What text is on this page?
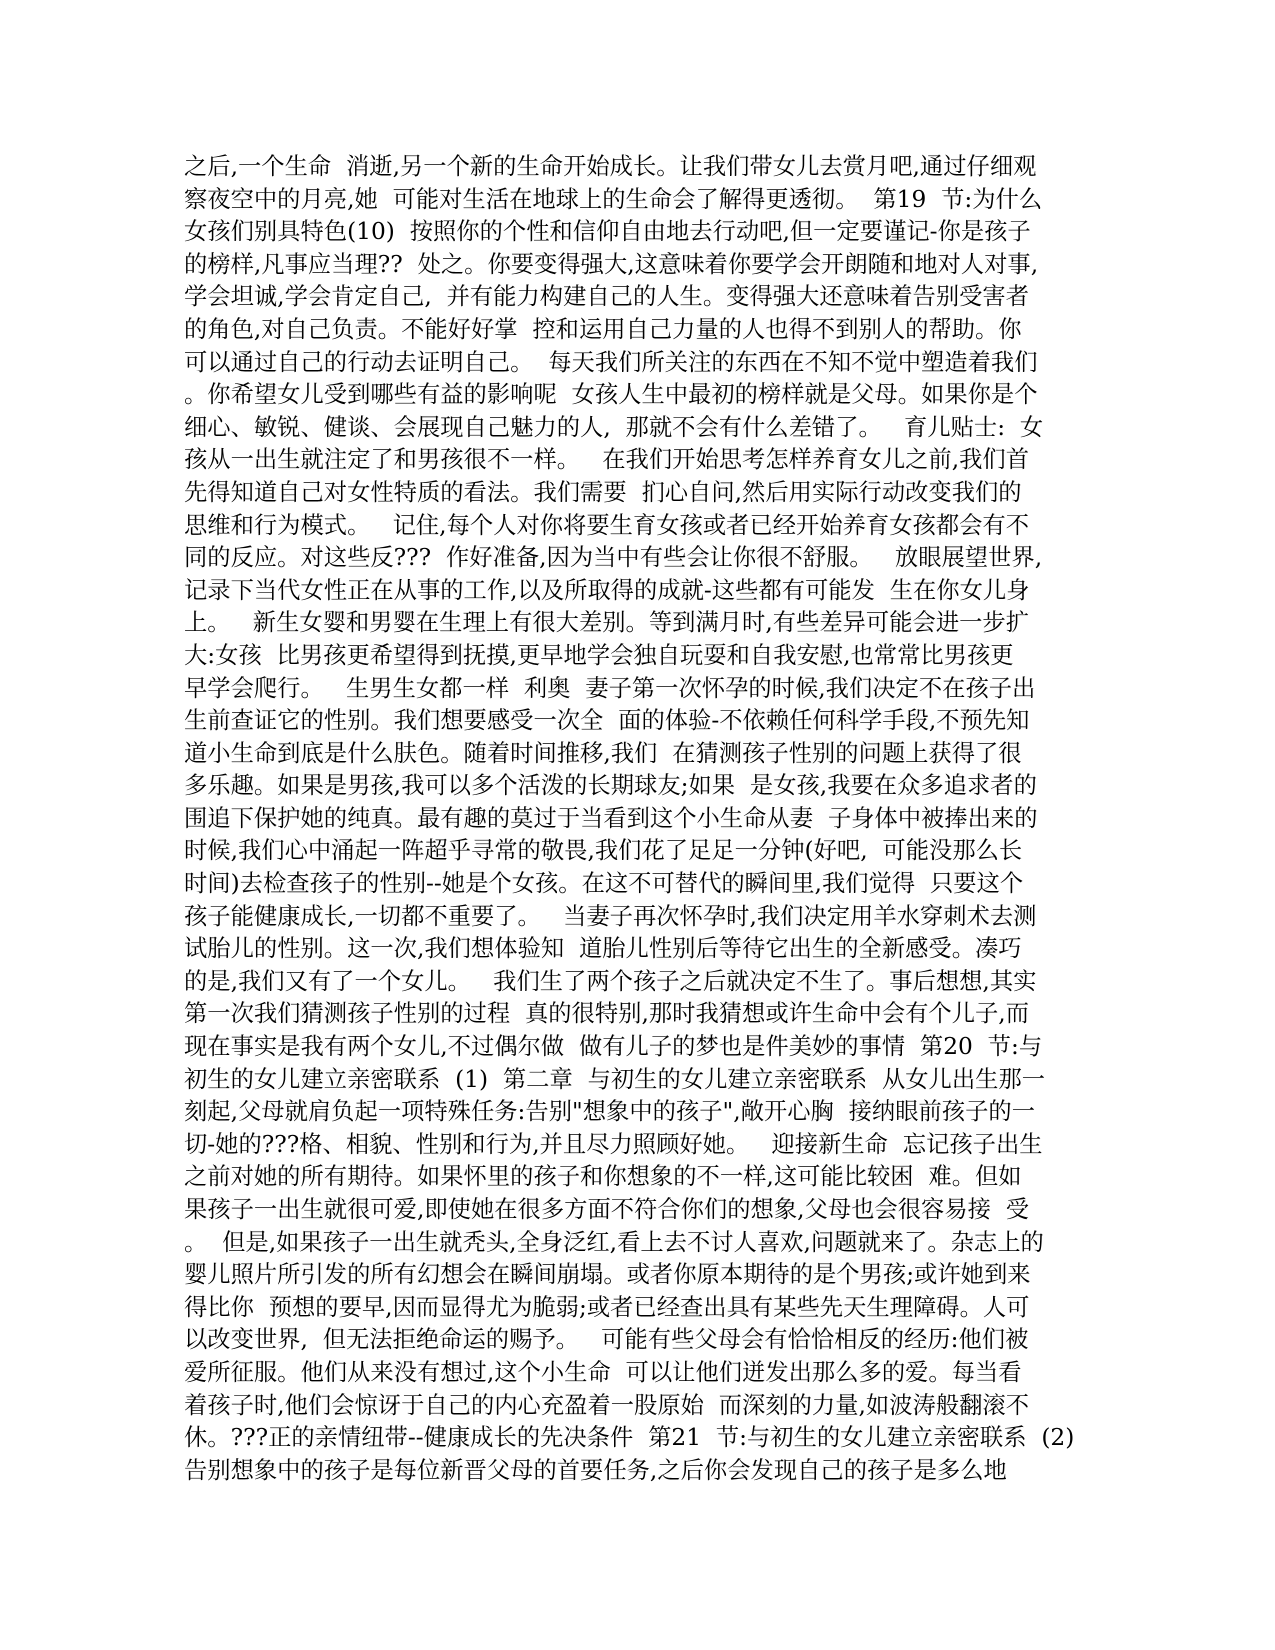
之后,一个生命  消逝,另一个新的生命开始成长。让我们带女儿去赏月吧,通过仔细观
察夜空中的月亮,她  可能对生活在地球上的生命会了解得更透彻。  第19  节:为什么
女孩们别具特色(10)  按照你的个性和信仰自由地去行动吧,但一定要谨记-你是孩子
的榜样,凡事应当理??  处之。你要变得强大,这意味着你要学会开朗随和地对人对事,
学会坦诚,学会肯定自己,  并有能力构建自己的人生。变得强大还意味着告别受害者
的角色,对自己负责。不能好好掌  控和运用自己力量的人也得不到别人的帮助。你
可以通过自己的行动去证明自己。  每天我们所关注的东西在不知不觉中塑造着我们
。你希望女儿受到哪些有益的影响呢  女孩人生中最初的榜样就是父母。如果你是个
细心、敏锐、健谈、会展现自己魅力的人,  那就不会有什么差错了。   育儿贴士:  女
孩从一出生就注定了和男孩很不一样。   在我们开始思考怎样养育女儿之前,我们首
先得知道自己对女性特质的看法。我们需要  扪心自问,然后用实际行动改变我们的
思维和行为模式。   记住,每个人对你将要生育女孩或者已经开始养育女孩都会有不
同的反应。对这些反???  作好准备,因为当中有些会让你很不舒服。   放眼展望世界,
记录下当代女性正在从事的工作,以及所取得的成就-这些都有可能发  生在你女儿身
上。   新生女婴和男婴在生理上有很大差别。等到满月时,有些差异可能会进一步扩
大:女孩  比男孩更希望得到抚摸,更早地学会独自玩耍和自我安慰,也常常比男孩更
早学会爬行。   生男生女都一样  利奥  妻子第一次怀孕的时候,我们决定不在孩子出
生前查证它的性别。我们想要感受一次全  面的体验-不依赖任何科学手段,不预先知
道小生命到底是什么肤色。随着时间推移,我们  在猜测孩子性别的问题上获得了很
多乐趣。如果是男孩,我可以多个活泼的长期球友;如果  是女孩,我要在众多追求者的
围追下保护她的纯真。最有趣的莫过于当看到这个小生命从妻  子身体中被捧出来的
时候,我们心中涌起一阵超乎寻常的敬畏,我们花了足足一分钟(好吧,  可能没那么长
时间)去检查孩子的性别--她是个女孩。在这不可替代的瞬间里,我们觉得  只要这个
孩子能健康成长,一切都不重要了。   当妻子再次怀孕时,我们决定用羊水穿刺术去测
试胎儿的性别。这一次,我们想体验知  道胎儿性别后等待它出生的全新感受。凑巧
的是,我们又有了一个女儿。   我们生了两个孩子之后就决定不生了。事后想想,其实
第一次我们猜测孩子性别的过程  真的很特别,那时我猜想或许生命中会有个儿子,而
现在事实是我有两个女儿,不过偶尔做  做有儿子的梦也是件美妙的事情  第20  节:与
初生的女儿建立亲密联系  (1)  第二章  与初生的女儿建立亲密联系  从女儿出生那一
刻起,父母就肩负起一项特殊任务:告别"想象中的孩子",敞开心胸  接纳眼前孩子的一
切-她的???格、相貌、性别和行为,并且尽力照顾好她。   迎接新生命  忘记孩子出生
之前对她的所有期待。如果怀里的孩子和你想象的不一样,这可能比较困  难。但如
果孩子一出生就很可爱,即使她在很多方面不符合你们的想象,父母也会很容易接  受
。  但是,如果孩子一出生就秃头,全身泛红,看上去不讨人喜欢,问题就来了。杂志上的
婴儿照片所引发的所有幻想会在瞬间崩塌。或者你原本期待的是个男孩;或许她到来
得比你  预想的要早,因而显得尤为脆弱;或者已经查出具有某些先天生理障碍。人可
以改变世界,  但无法拒绝命运的赐予。   可能有些父母会有恰恰相反的经历:他们被
爱所征服。他们从来没有想过,这个小生命  可以让他们迸发出那么多的爱。每当看
着孩子时,他们会惊讶于自己的内心充盈着一股原始  而深刻的力量,如波涛般翻滚不
休。???正的亲情纽带--健康成长的先决条件  第21  节:与初生的女儿建立亲密联系  (2)
告别想象中的孩子是每位新晋父母的首要任务,之后你会发现自己的孩子是多么地
